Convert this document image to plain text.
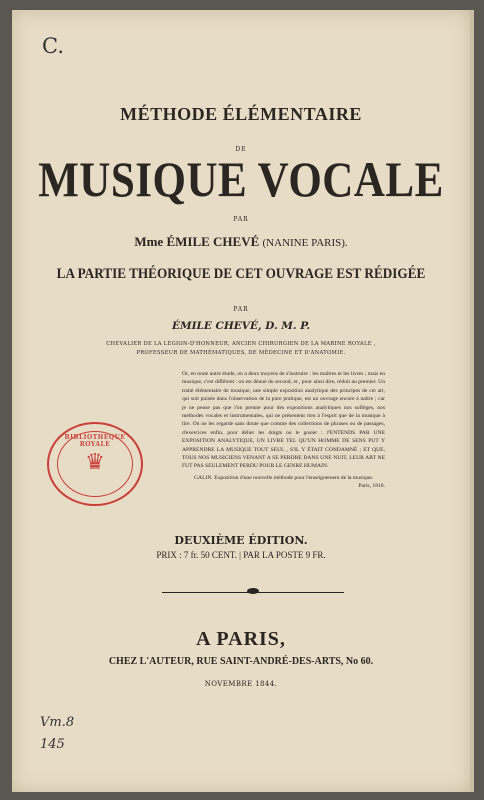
C.
MÉTHODE ÉLÉMENTAIRE
DE
MUSIQUE VOCALE
PAR
Mme ÉMILE CHEVÉ (NANINE PARIS).
LA PARTIE THÉORIQUE DE CET OUVRAGE EST RÉDIGÉE
PAR
ÉMILE CHEVÉ, D. M. P.
CHEVALIER DE LA LÉGION-D'HONNEUR, ANCIEN CHIRURGIEN DE LA MARINE ROYALE ,
PROFESSEUR DE MATHÉMATIQUES, DE MÉDECINE ET D'ANATOMIE.

Or, en toute autre étude, on a deux moyens de s'instruire : les maîtres et les livres ; mais en musique, c'est différent : on est dénué du second, et , pour ainsi dire, réduit au premier. Un traité élémentaire de musique, une simple exposition analytique des principes de cet art, qui soit puisée dans l'observation de la pure pratique, est un ouvrage encore à naître ; car je ne pense pas que l'on prenne pour des expositions analytiques nos solféges, nos méthodes vocales et instrumentales, qui ne présentent rien à l'esprit que de la musique à lire. On ne les regarde sans doute que comme des collections de phrases ou de passages, d'exercices enfin, pour délier les doigts ou le gosier : J'ENTENDS PAR UNE EXPOSITION ANALYTIQUE, UN LIVRE TEL QU'UN HOMME DE SENS PUT Y APPRENDRE LA MUSIQUE TOUT SEUL , S'IL Y ÉTAIT CONDAMNÉ ; ET QUE, TOUS NOS MUSICIENS VENANT A SE PERDRE DANS UNE NUIT, LEUR ART NE FUT PAS SEULEMENT PERDU POUR LE GENRE HUMAIN.

GALIN. Exposition d'une nouvelle méthode pour l'enseignement de la musique.

Paris, 1818.

BIBLIOTHEQUE ROYALE
♛
DEUXIÈME ÉDITION.
PRIX : 7 fr. 50 CENT. | PAR LA POSTE 9 FR.
A PARIS,
CHEZ L'AUTEUR, RUE SAINT-ANDRÉ-DES-ARTS, No 60.
NOVEMBRE 1844.
Vm.8
145
